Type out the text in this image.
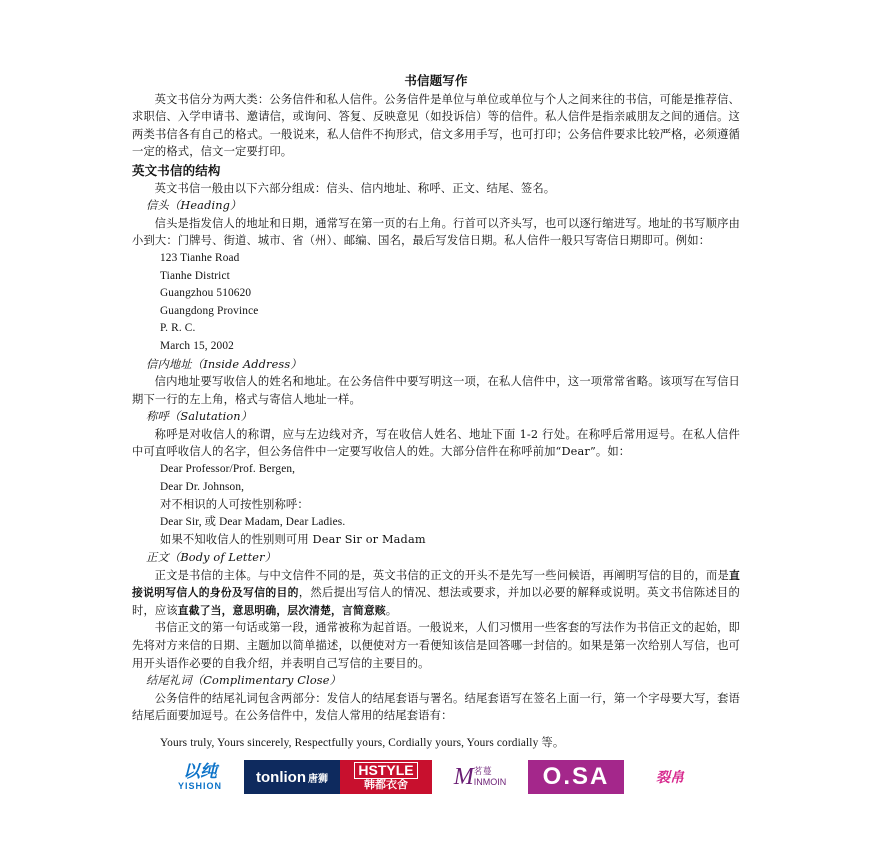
书信题写作

英文书信分为两大类：公务信件和私人信件。公务信件是单位与单位或单位与个人之间来往的书信，可能是推荐信、求职信、入学申请书、邀请信，或询问、答复、反映意见（如投诉信）等的信件。私人信件是指亲戚朋友之间的通信。这两类书信各有自己的格式。一般说来，私人信件不拘形式，信文多用手写，也可打印；公务信件要求比较严格，必须遵循一定的格式，信文一定要打印。

英文书信的结构

英文书信一般由以下六部分组成：信头、信内地址、称呼、正文、结尾、签名。

信头（Heading）

信头是指发信人的地址和日期，通常写在第一页的右上角。行首可以齐头写，也可以逐行缩进写。地址的书写顺序由小到大：门牌号、街道、城市、省（州）、邮编、国名，最后写发信日期。私人信件一般只写寄信日期即可。例如：

123 Tianhe Road
Tianhe District
Guangzhou 510620
Guangdong Province
P. R. C.
March 15, 2002
信内地址（Inside Address）

信内地址要写收信人的姓名和地址。在公务信件中要写明这一项，在私人信件中，这一项常常省略。该项写在写信日期下一行的左上角，格式与寄信人地址一样。

称呼（Salutation）

称呼是对收信人的称谓，应与左边线对齐，写在收信人姓名、地址下面 1-2 行处。在称呼后常用逗号。在私人信件中可直呼收信人的名字，但公务信件中一定要写收信人的姓。大部分信件在称呼前加“Dear”。如：

Dear Professor/Prof. Bergen,
Dear Dr. Johnson,
对不相识的人可按性别称呼：
Dear Sir, 或 Dear Madam, Dear Ladies.
如果不知收信人的性别则可用 Dear Sir or Madam
正文（Body of Letter）

正文是书信的主体。与中文信件不同的是，英文书信的正文的开头不是先写一些问候语，再阐明写信的目的，而是直接说明写信人的身份及写信的目的，然后提出写信人的情况、想法或要求，并加以必要的解释或说明。英文书信陈述目的时，应该直截了当，意思明确，层次清楚，言简意赅。

书信正文的第一句话或第一段，通常被称为起首语。一般说来，人们习惯用一些客套的写法作为书信正文的起始，即先将对方来信的日期、主题加以简单描述，以便使对方一看便知该信是回答哪一封信的。如果是第一次给别人写信，也可用开头语作必要的自我介绍，并表明自己写信的主要目的。

结尾礼词（Complimentary Close）

公务信件的结尾礼词包含两部分：发信人的结尾套语与署名。结尾套语写在签名上面一行，第一个字母要大写，套语结尾后面要加逗号。在公务信件中，发信人常用的结尾套语有：

Yours truly, Yours sincerely, Respectfully yours, Cordially yours, Yours cordially 等。
以纯
YISHION
tonlion 唐狮
HSTYLE
韩都衣舍 M 茗蔓
INMOIN	O.SA	裂帛
